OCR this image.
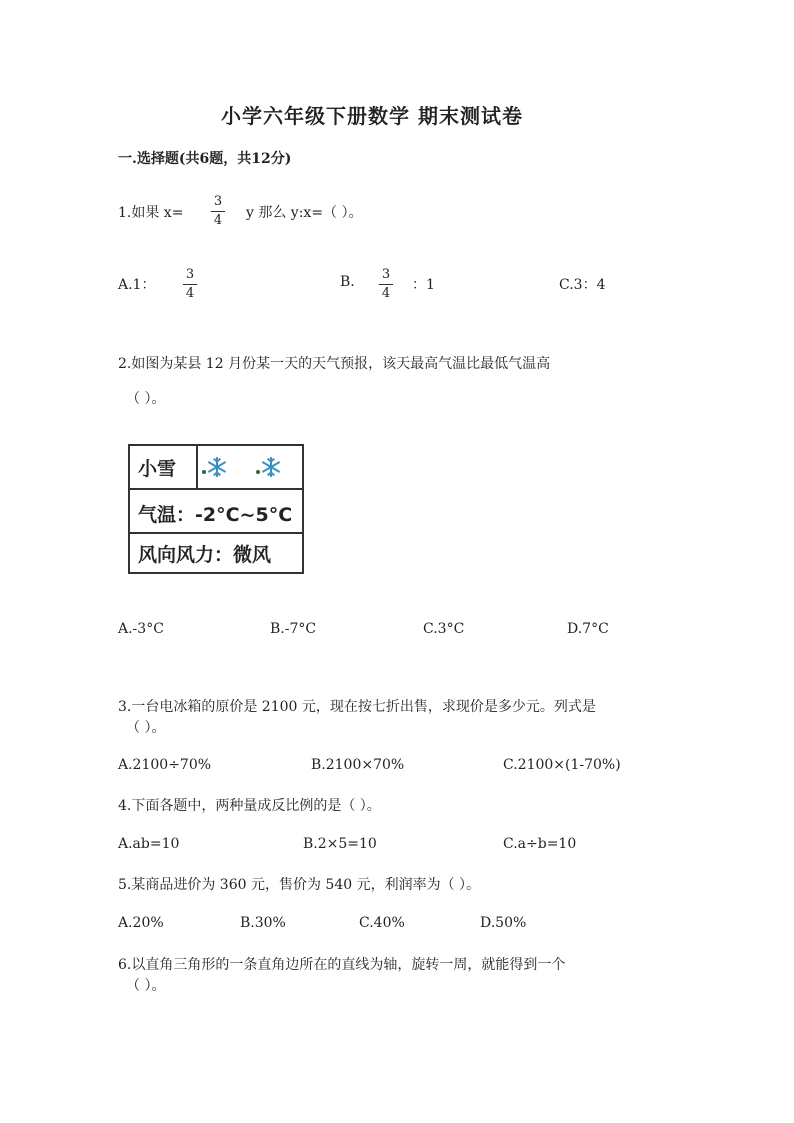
小学六年级下册数学 期末测试卷
一.选择题(共6题，共12分)
1.如果 x=
3
4 y 那么 y:x=（ ）。
A.1：
3
4
B. 3
4
：1	C.3：4
2.如图为某县 12 月份某一天的天气预报，该天最高气温比最低气温高
（ ）。
小雪
气温：-2°C~5°C
风向风力：微风
A.-3°C	B.-7°C	C.3°C	D.7°C
3.一台电冰箱的原价是 2100 元，现在按七折出售，求现价是多少元。列式是
（ ）。
A.2100÷70%	B.2100×70%	C.2100×(1-70%)
4.下面各题中，两种量成反比例的是（ ）。
A.ab=10	B.2×5=10	C.a÷b=10
5.某商品进价为 360 元，售价为 540 元，利润率为（ ）。
A.20%	B.30%	C.40%	D.50%
6.以直角三角形的一条直角边所在的直线为轴，旋转一周，就能得到一个
（ ）。
